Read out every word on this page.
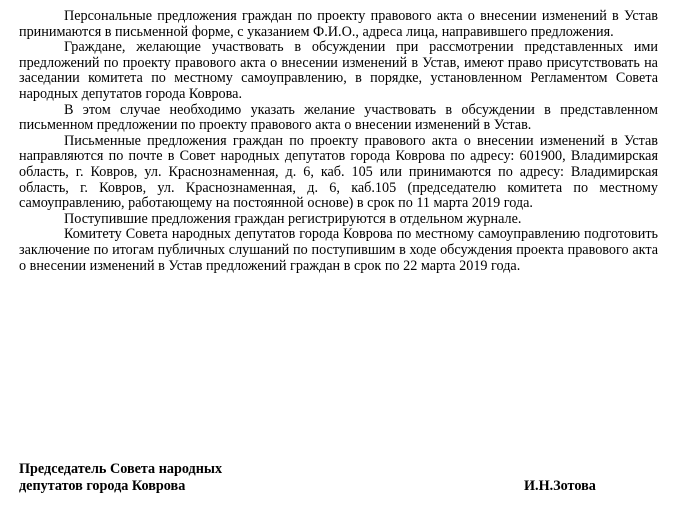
Персональные предложения граждан по проекту правового акта о внесении изменений в Устав принимаются в письменной форме, с указанием Ф.И.О., адреса лица, направившего предложения.

Граждане, желающие участвовать в обсуждении при рассмотрении представленных ими предложений по проекту правового акта о внесении изменений в Устав, имеют право присутствовать на заседании комитета по местному самоуправлению, в порядке, установленном Регламентом Совета народных депутатов города Коврова.

В этом случае необходимо указать желание участвовать в обсуждении в представленном письменном предложении по проекту правового акта о внесении изменений в Устав.

Письменные предложения граждан по проекту правового акта о внесении изменений в Устав направляются по почте в Совет народных депутатов города Коврова по адресу: 601900, Владимирская область, г. Ковров, ул. Краснознаменная, д. 6, каб. 105 или принимаются по адресу: Владимирская область, г. Ковров, ул. Краснознаменная, д. 6, каб.105 (председателю комитета по местному самоуправлению, работающему на постоянной основе) в срок по 11 марта 2019 года.

Поступившие предложения граждан регистрируются в отдельном журнале.

Комитету Совета народных депутатов города Коврова по местному самоуправлению подготовить заключение по итогам публичных слушаний по поступившим в ходе обсуждения проекта правового акта о внесении изменений в Устав предложений граждан в срок по 22 марта 2019 года.

Председатель Совета народных
депутатов города Коврова	И.Н.Зотова
